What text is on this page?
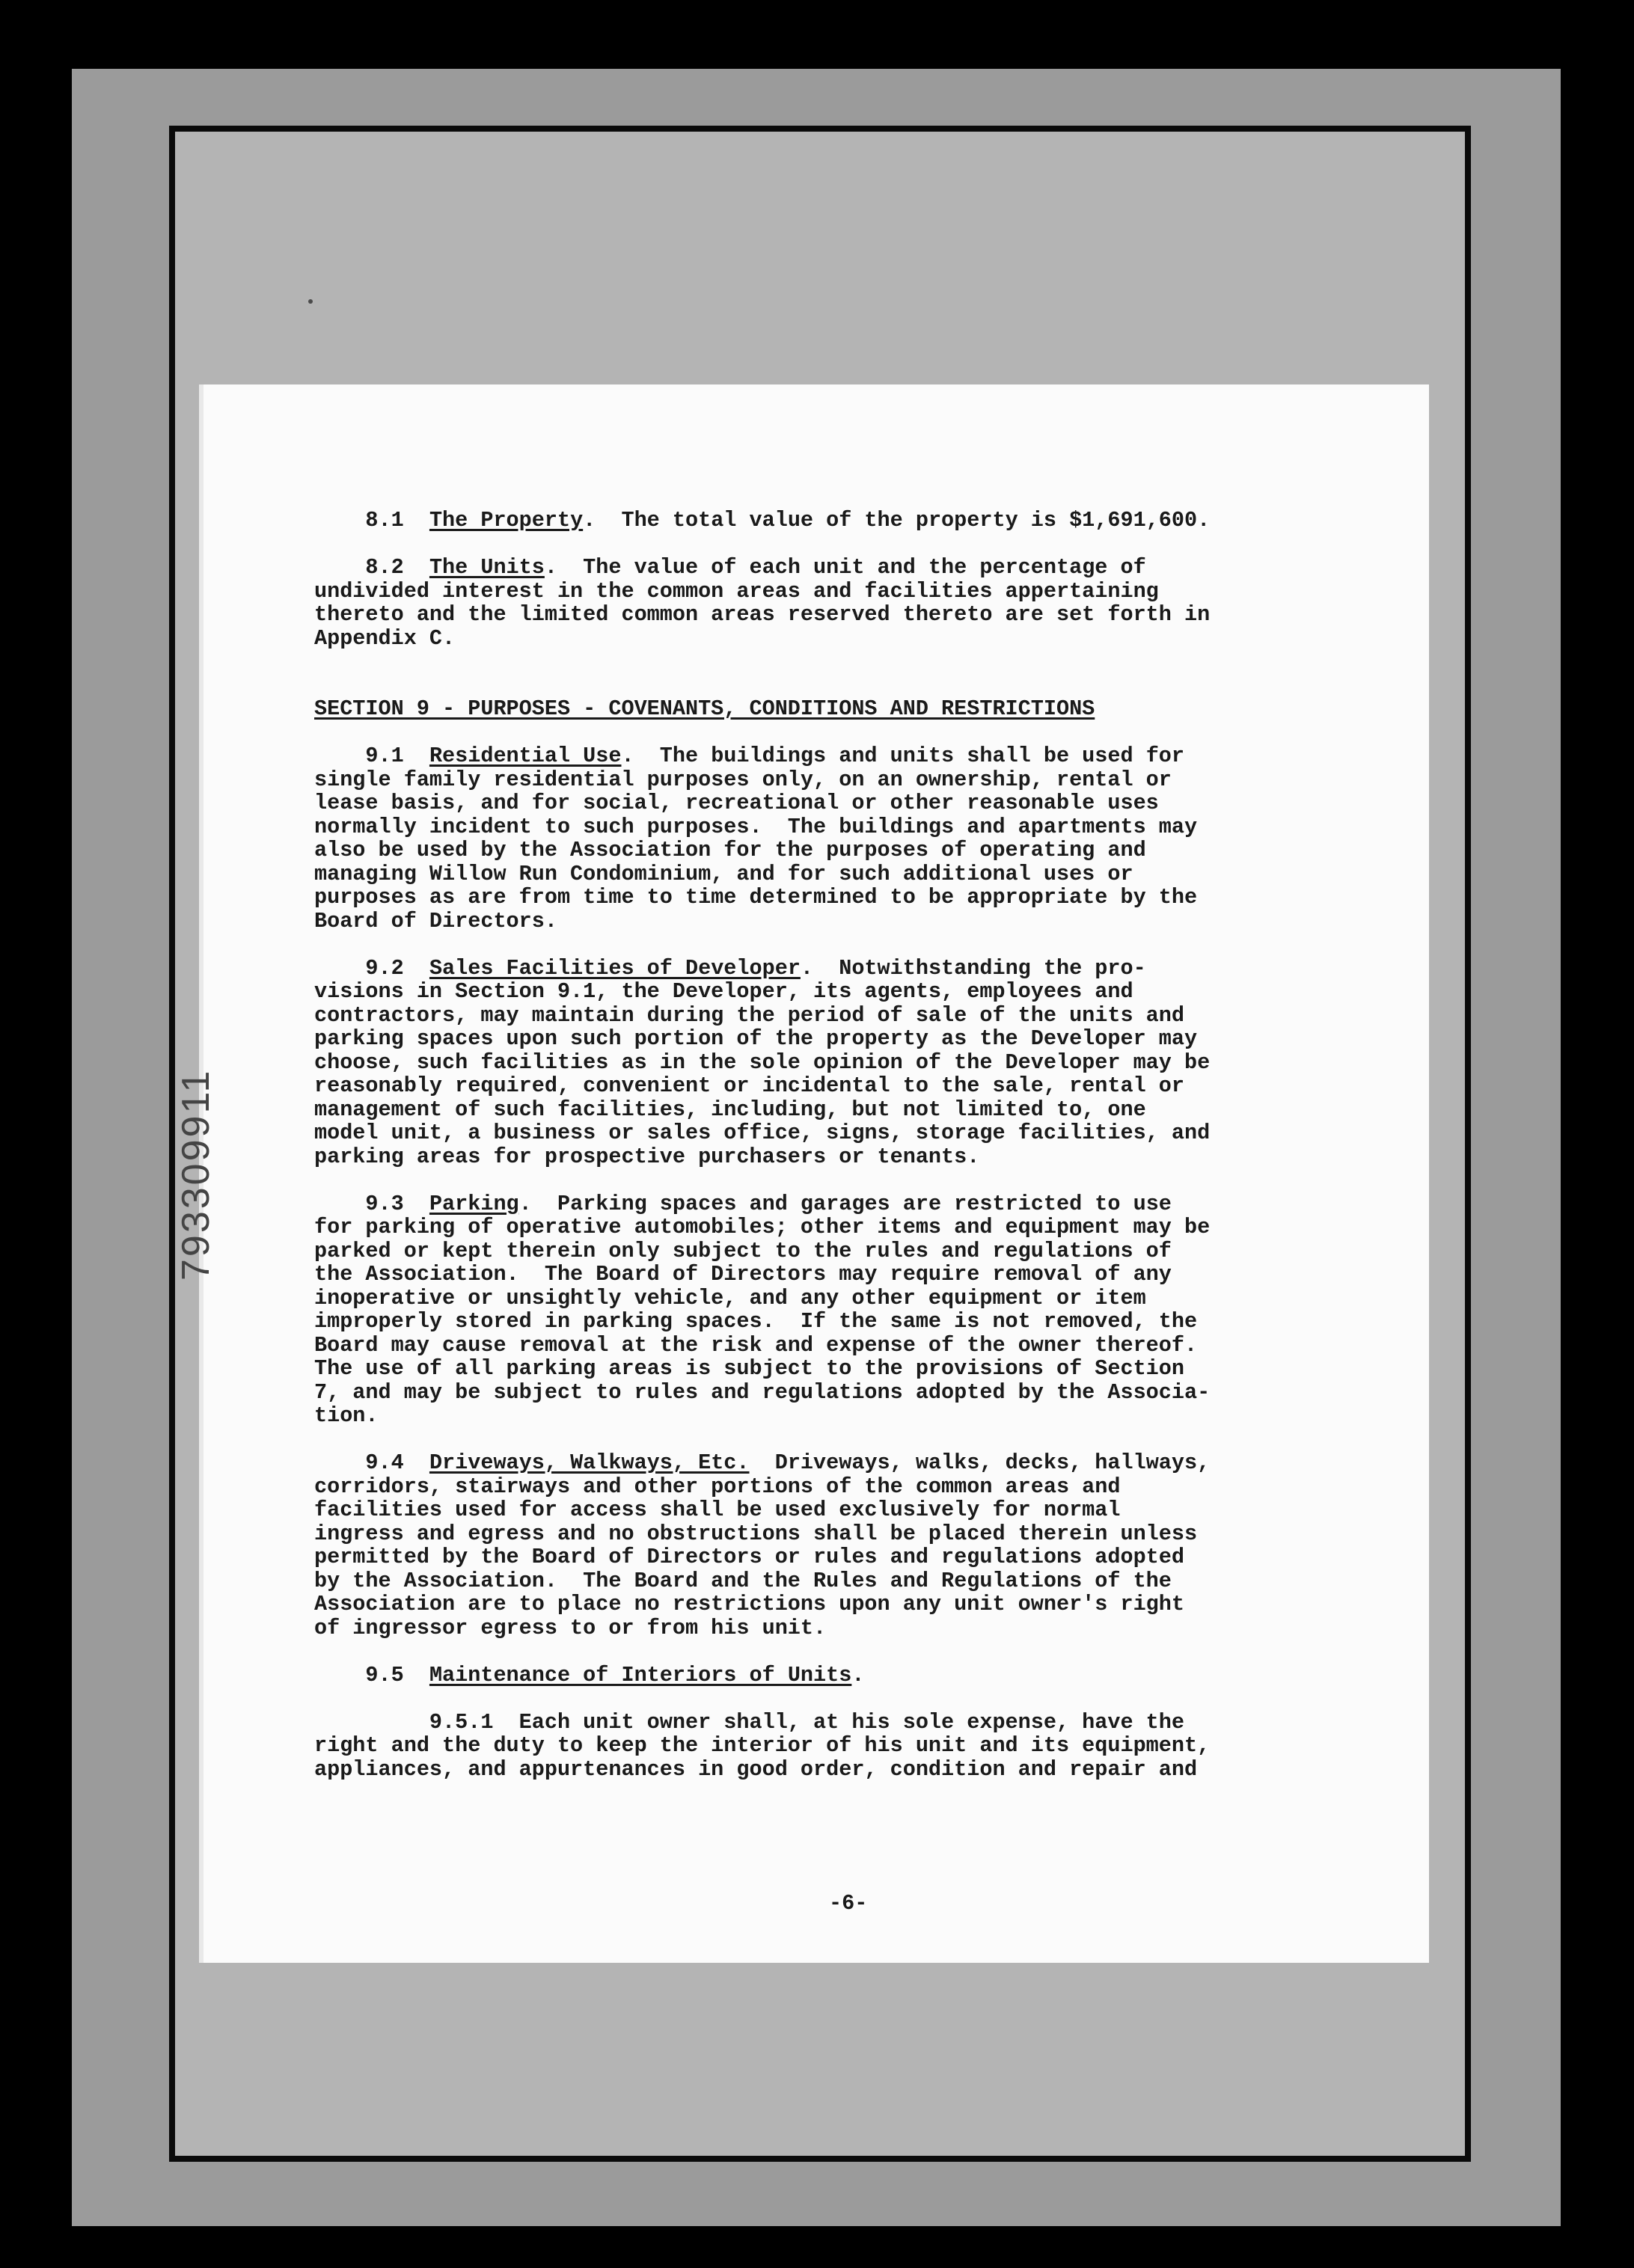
793309911
8.1  The Property.  The total value of the property is $1,691,600.

8.2  The Units.  The value of each unit and the percentage of
undivided interest in the common areas and facilities appertaining
thereto and the limited common areas reserved thereto are set forth in
Appendix C.

SECTION 9 - PURPOSES - COVENANTS, CONDITIONS AND RESTRICTIONS

9.1  Residential Use.  The buildings and units shall be used for
single family residential purposes only, on an ownership, rental or
lease basis, and for social, recreational or other reasonable uses
normally incident to such purposes.  The buildings and apartments may
also be used by the Association for the purposes of operating and
managing Willow Run Condominium, and for such additional uses or
purposes as are from time to time determined to be appropriate by the
Board of Directors.

9.2  Sales Facilities of Developer.  Notwithstanding the pro-
visions in Section 9.1, the Developer, its agents, employees and
contractors, may maintain during the period of sale of the units and
parking spaces upon such portion of the property as the Developer may
choose, such facilities as in the sole opinion of the Developer may be
reasonably required, convenient or incidental to the sale, rental or
management of such facilities, including, but not limited to, one
model unit, a business or sales office, signs, storage facilities, and
parking areas for prospective purchasers or tenants.

9.3  Parking.  Parking spaces and garages are restricted to use
for parking of operative automobiles; other items and equipment may be
parked or kept therein only subject to the rules and regulations of
the Association.  The Board of Directors may require removal of any
inoperative or unsightly vehicle, and any other equipment or item
improperly stored in parking spaces.  If the same is not removed, the
Board may cause removal at the risk and expense of the owner thereof.
The use of all parking areas is subject to the provisions of Section
7, and may be subject to rules and regulations adopted by the Associa-
tion.

9.4  Driveways, Walkways, Etc.  Driveways, walks, decks, hallways,
corridors, stairways and other portions of the common areas and
facilities used for access shall be used exclusively for normal
ingress and egress and no obstructions shall be placed therein unless
permitted by the Board of Directors or rules and regulations adopted
by the Association.  The Board and the Rules and Regulations of the
Association are to place no restrictions upon any unit owner's right
of ingressor egress to or from his unit.

9.5  Maintenance of Interiors of Units.

9.5.1  Each unit owner shall, at his sole expense, have the
right and the duty to keep the interior of his unit and its equipment,
appliances, and appurtenances in good order, condition and repair and
-6-
